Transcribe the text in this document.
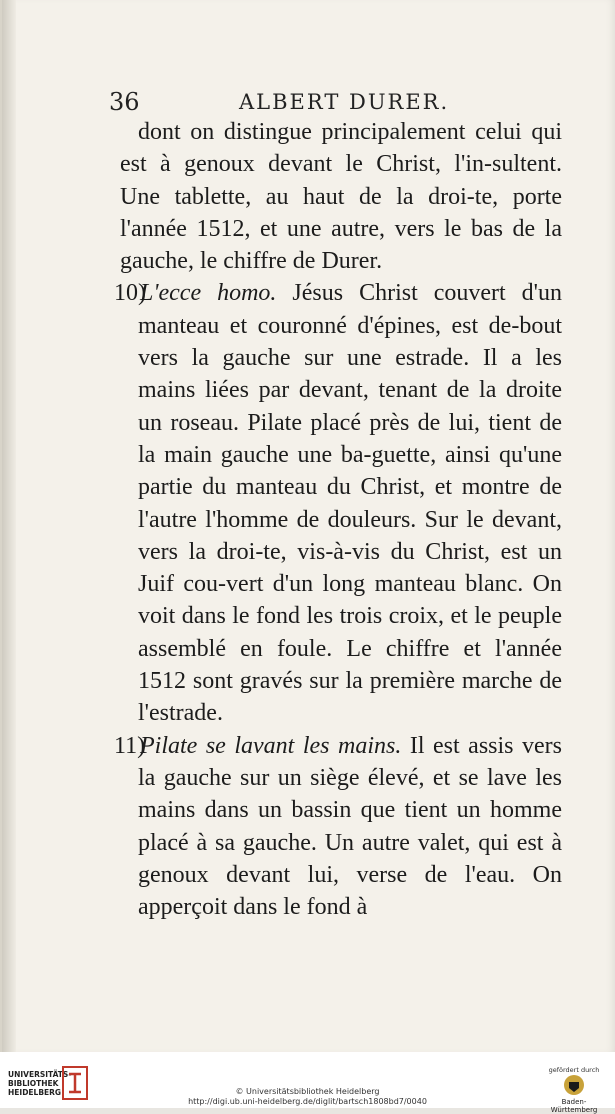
36	ALBERT DURER.

dont on distingue principalement celui qui est à genoux devant le Christ, l'in-sultent. Une tablette, au haut de la droi-te, porte l'année 1512, et une autre, vers le bas de la gauche, le chiffre de Durer.

10)L'ecce homo. Jésus Christ couvert d'un manteau et couronné d'épines, est de-bout vers la gauche sur une estrade. Il a les mains liées par devant, tenant de la droite un roseau. Pilate placé près de lui, tient de la main gauche une ba-guette, ainsi qu'une partie du manteau du Christ, et montre de l'autre l'homme de douleurs. Sur le devant, vers la droi-te, vis-à-vis du Christ, est un Juif cou-vert d'un long manteau blanc. On voit dans le fond les trois croix, et le peuple assemblé en foule. Le chiffre et l'année 1512 sont gravés sur la première marche de l'estrade.

11)Pilate se lavant les mains. Il est assis vers la gauche sur un siège élevé, et se lave les mains dans un bassin que tient un homme placé à sa gauche. Un autre valet, qui est à genoux devant lui, verse de l'eau. On apperçoit dans le fond à

UNIVERSITÄTS-
BIBLIOTHEK
HEIDELBERG	© Universitätsbibliothek Heidelberg
http://digi.ub.uni-heidelberg.de/diglit/bartsch1808bd7/0040
gefördert durch
Baden-Württemberg
